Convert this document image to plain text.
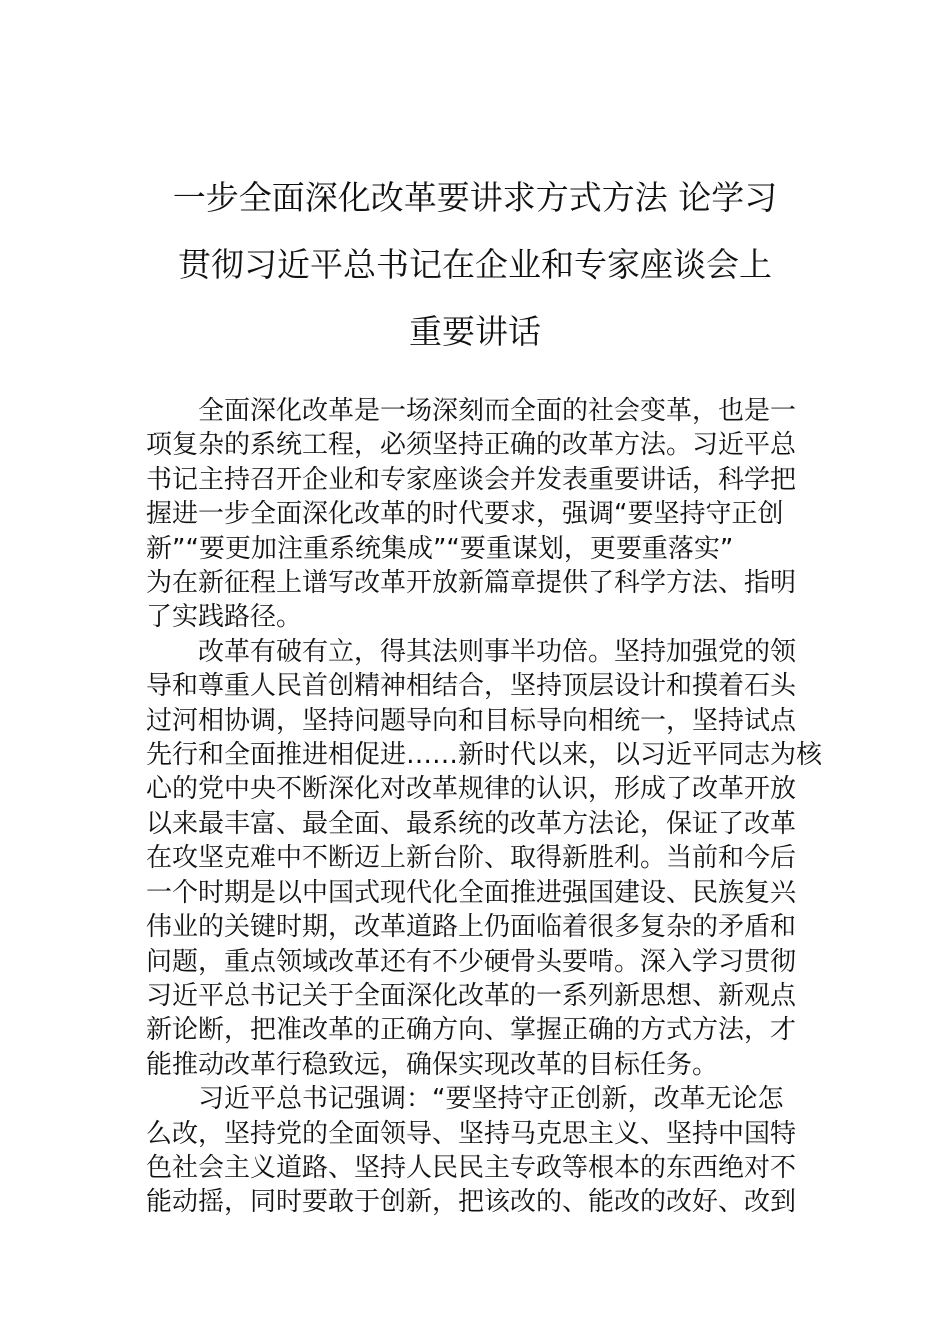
一步全面深化改革要讲求方式方法 论学习
贯彻习近平总书记在企业和专家座谈会上
重要讲话

全面深化改革是一场深刻而全面的社会变革，也是一
项复杂的系统工程，必须坚持正确的改革方法。习近平总
书记主持召开企业和专家座谈会并发表重要讲话，科学把
握进一步全面深化改革的时代要求，强调“要坚持守正创
新”“要更加注重系统集成”“要重谋划，更要重落实”
为在新征程上谱写改革开放新篇章提供了科学方法、指明
了实践路径。

改革有破有立，得其法则事半功倍。坚持加强党的领
导和尊重人民首创精神相结合，坚持顶层设计和摸着石头
过河相协调，坚持问题导向和目标导向相统一，坚持试点
先行和全面推进相促进……新时代以来，以习近平同志为核
心的党中央不断深化对改革规律的认识，形成了改革开放
以来最丰富、最全面、最系统的改革方法论，保证了改革
在攻坚克难中不断迈上新台阶、取得新胜利。当前和今后
一个时期是以中国式现代化全面推进强国建设、民族复兴
伟业的关键时期，改革道路上仍面临着很多复杂的矛盾和
问题，重点领域改革还有不少硬骨头要啃。深入学习贯彻
习近平总书记关于全面深化改革的一系列新思想、新观点
新论断，把准改革的正确方向、掌握正确的方式方法，才
能推动改革行稳致远，确保实现改革的目标任务。

习近平总书记强调：“要坚持守正创新，改革无论怎
么改，坚持党的全面领导、坚持马克思主义、坚持中国特
色社会主义道路、坚持人民民主专政等根本的东西绝对不
能动摇，同时要敢于创新，把该改的、能改的改好、改到
